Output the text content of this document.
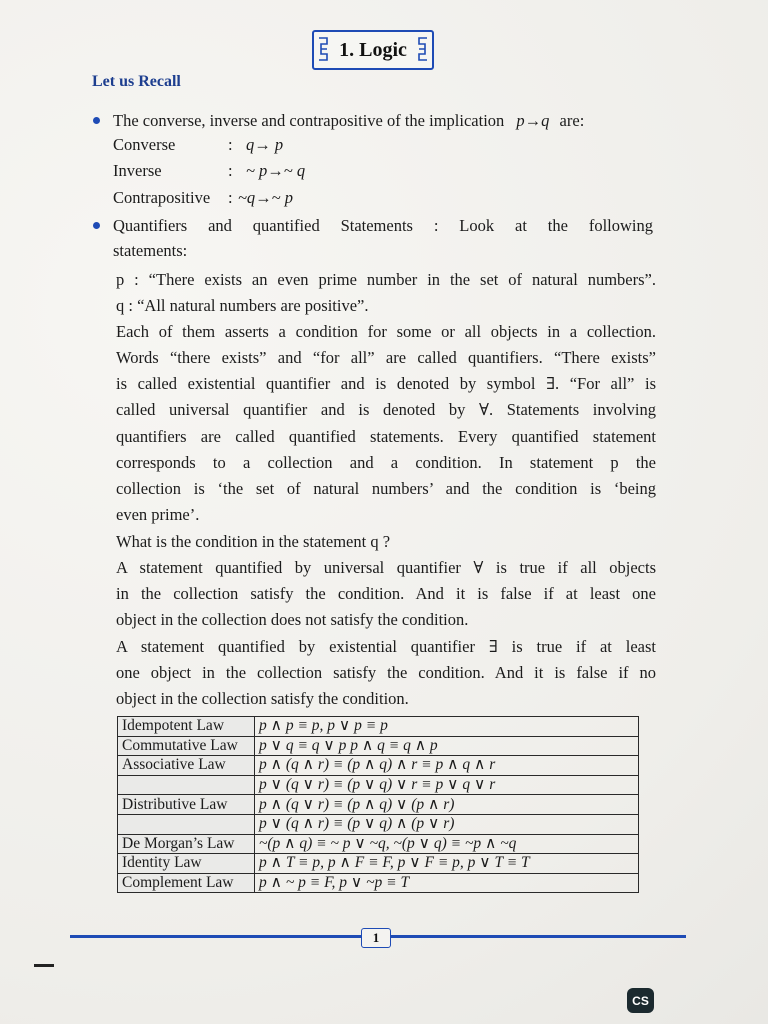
1. Logic
Let us Recall
The converse, inverse and contrapositive of the implication p→q are:
Converse	: q→ p
Inverse	: ~ p→~ q
Contrapositive : ~q→~ p
Quantifiers and quantified Statements : Look at the following
statements:
p : “There exists an even prime number in the set of natural numbers”.
q : “All natural numbers are positive”.
Each of them asserts a condition for some or all objects in a collection.
Words “there exists” and “for all” are called quantifiers. “There exists”
is called existential quantifier and is denoted by symbol ∃. “For all” is
called universal quantifier and is denoted by ∀. Statements involving
quantifiers are called quantified statements. Every quantified statement
corresponds to a collection and a condition. In statement p the
collection is ‘the set of natural numbers’ and the condition is ‘being
even prime’.
What is the condition in the statement q ?
A statement quantified by universal quantifier ∀ is true if all objects
in the collection satisfy the condition. And it is false if at least one
object in the collection does not satisfy the condition.
A statement quantified by existential quantifier ∃ is true if at least
one object in the collection satisfy the condition. And it is false if no
object in the collection satisfy the condition.
Idempotent Law	p ∧ p ≡ p, p ∨ p ≡ p
Commutative Law	p ∨ q ≡ q ∨ p p ∧ q ≡ q ∧ p
Associative Law	p ∧ (q ∧ r) ≡ (p ∧ q) ∧ r ≡ p ∧ q ∧ r
	p ∨ (q ∨ r) ≡ (p ∨ q) ∨ r ≡ p ∨ q ∨ r
Distributive Law	p ∧ (q ∨ r) ≡ (p ∧ q) ∨ (p ∧ r)
	p ∨ (q ∧ r) ≡ (p ∨ q) ∧ (p ∨ r)
De Morgan’s Law	~(p ∧ q) ≡ ~ p ∨ ~q, ~(p ∨ q) ≡ ~p ∧ ~q
Identity Law	p ∧ T ≡ p, p ∧ F ≡ F, p ∨ F ≡ p, p ∨ T ≡ T
Complement Law	p ∧ ~ p ≡ F, p ∨ ~p ≡ T
1
CS
